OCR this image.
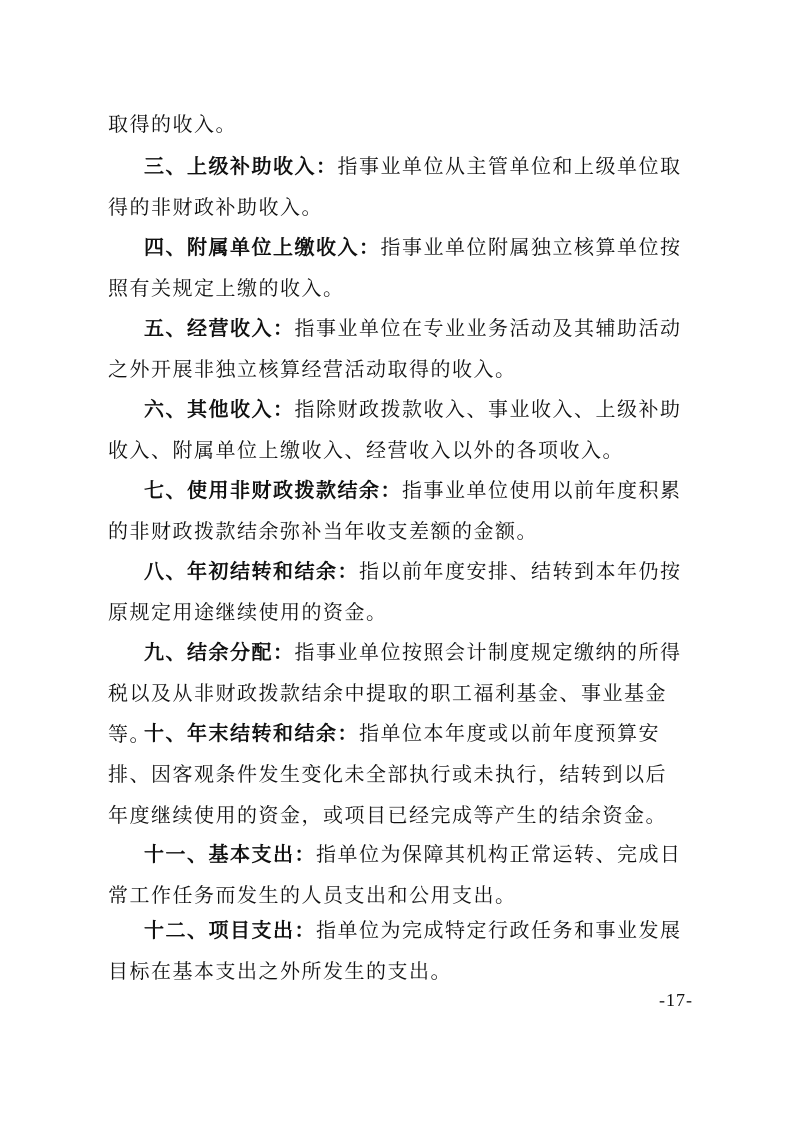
取得的收入。

三、上级补助收入：指事业单位从主管单位和上级单位取得的非财政补助收入。

四、附属单位上缴收入：指事业单位附属独立核算单位按照有关规定上缴的收入。

五、经营收入：指事业单位在专业业务活动及其辅助活动之外开展非独立核算经营活动取得的收入。

六、其他收入：指除财政拨款收入、事业收入、上级补助收入、附属单位上缴收入、经营收入以外的各项收入。

七、使用非财政拨款结余：指事业单位使用以前年度积累的非财政拨款结余弥补当年收支差额的金额。

八、年初结转和结余：指以前年度安排、结转到本年仍按原规定用途继续使用的资金。

九、结余分配：指事业单位按照会计制度规定缴纳的所得税以及从非财政拨款结余中提取的职工福利基金、事业基金等。

十、年末结转和结余：指单位本年度或以前年度预算安排、因客观条件发生变化未全部执行或未执行，结转到以后年度继续使用的资金，或项目已经完成等产生的结余资金。

十一、基本支出：指单位为保障其机构正常运转、完成日常工作任务而发生的人员支出和公用支出。

十二、项目支出：指单位为完成特定行政任务和事业发展目标在基本支出之外所发生的支出。

-17-
